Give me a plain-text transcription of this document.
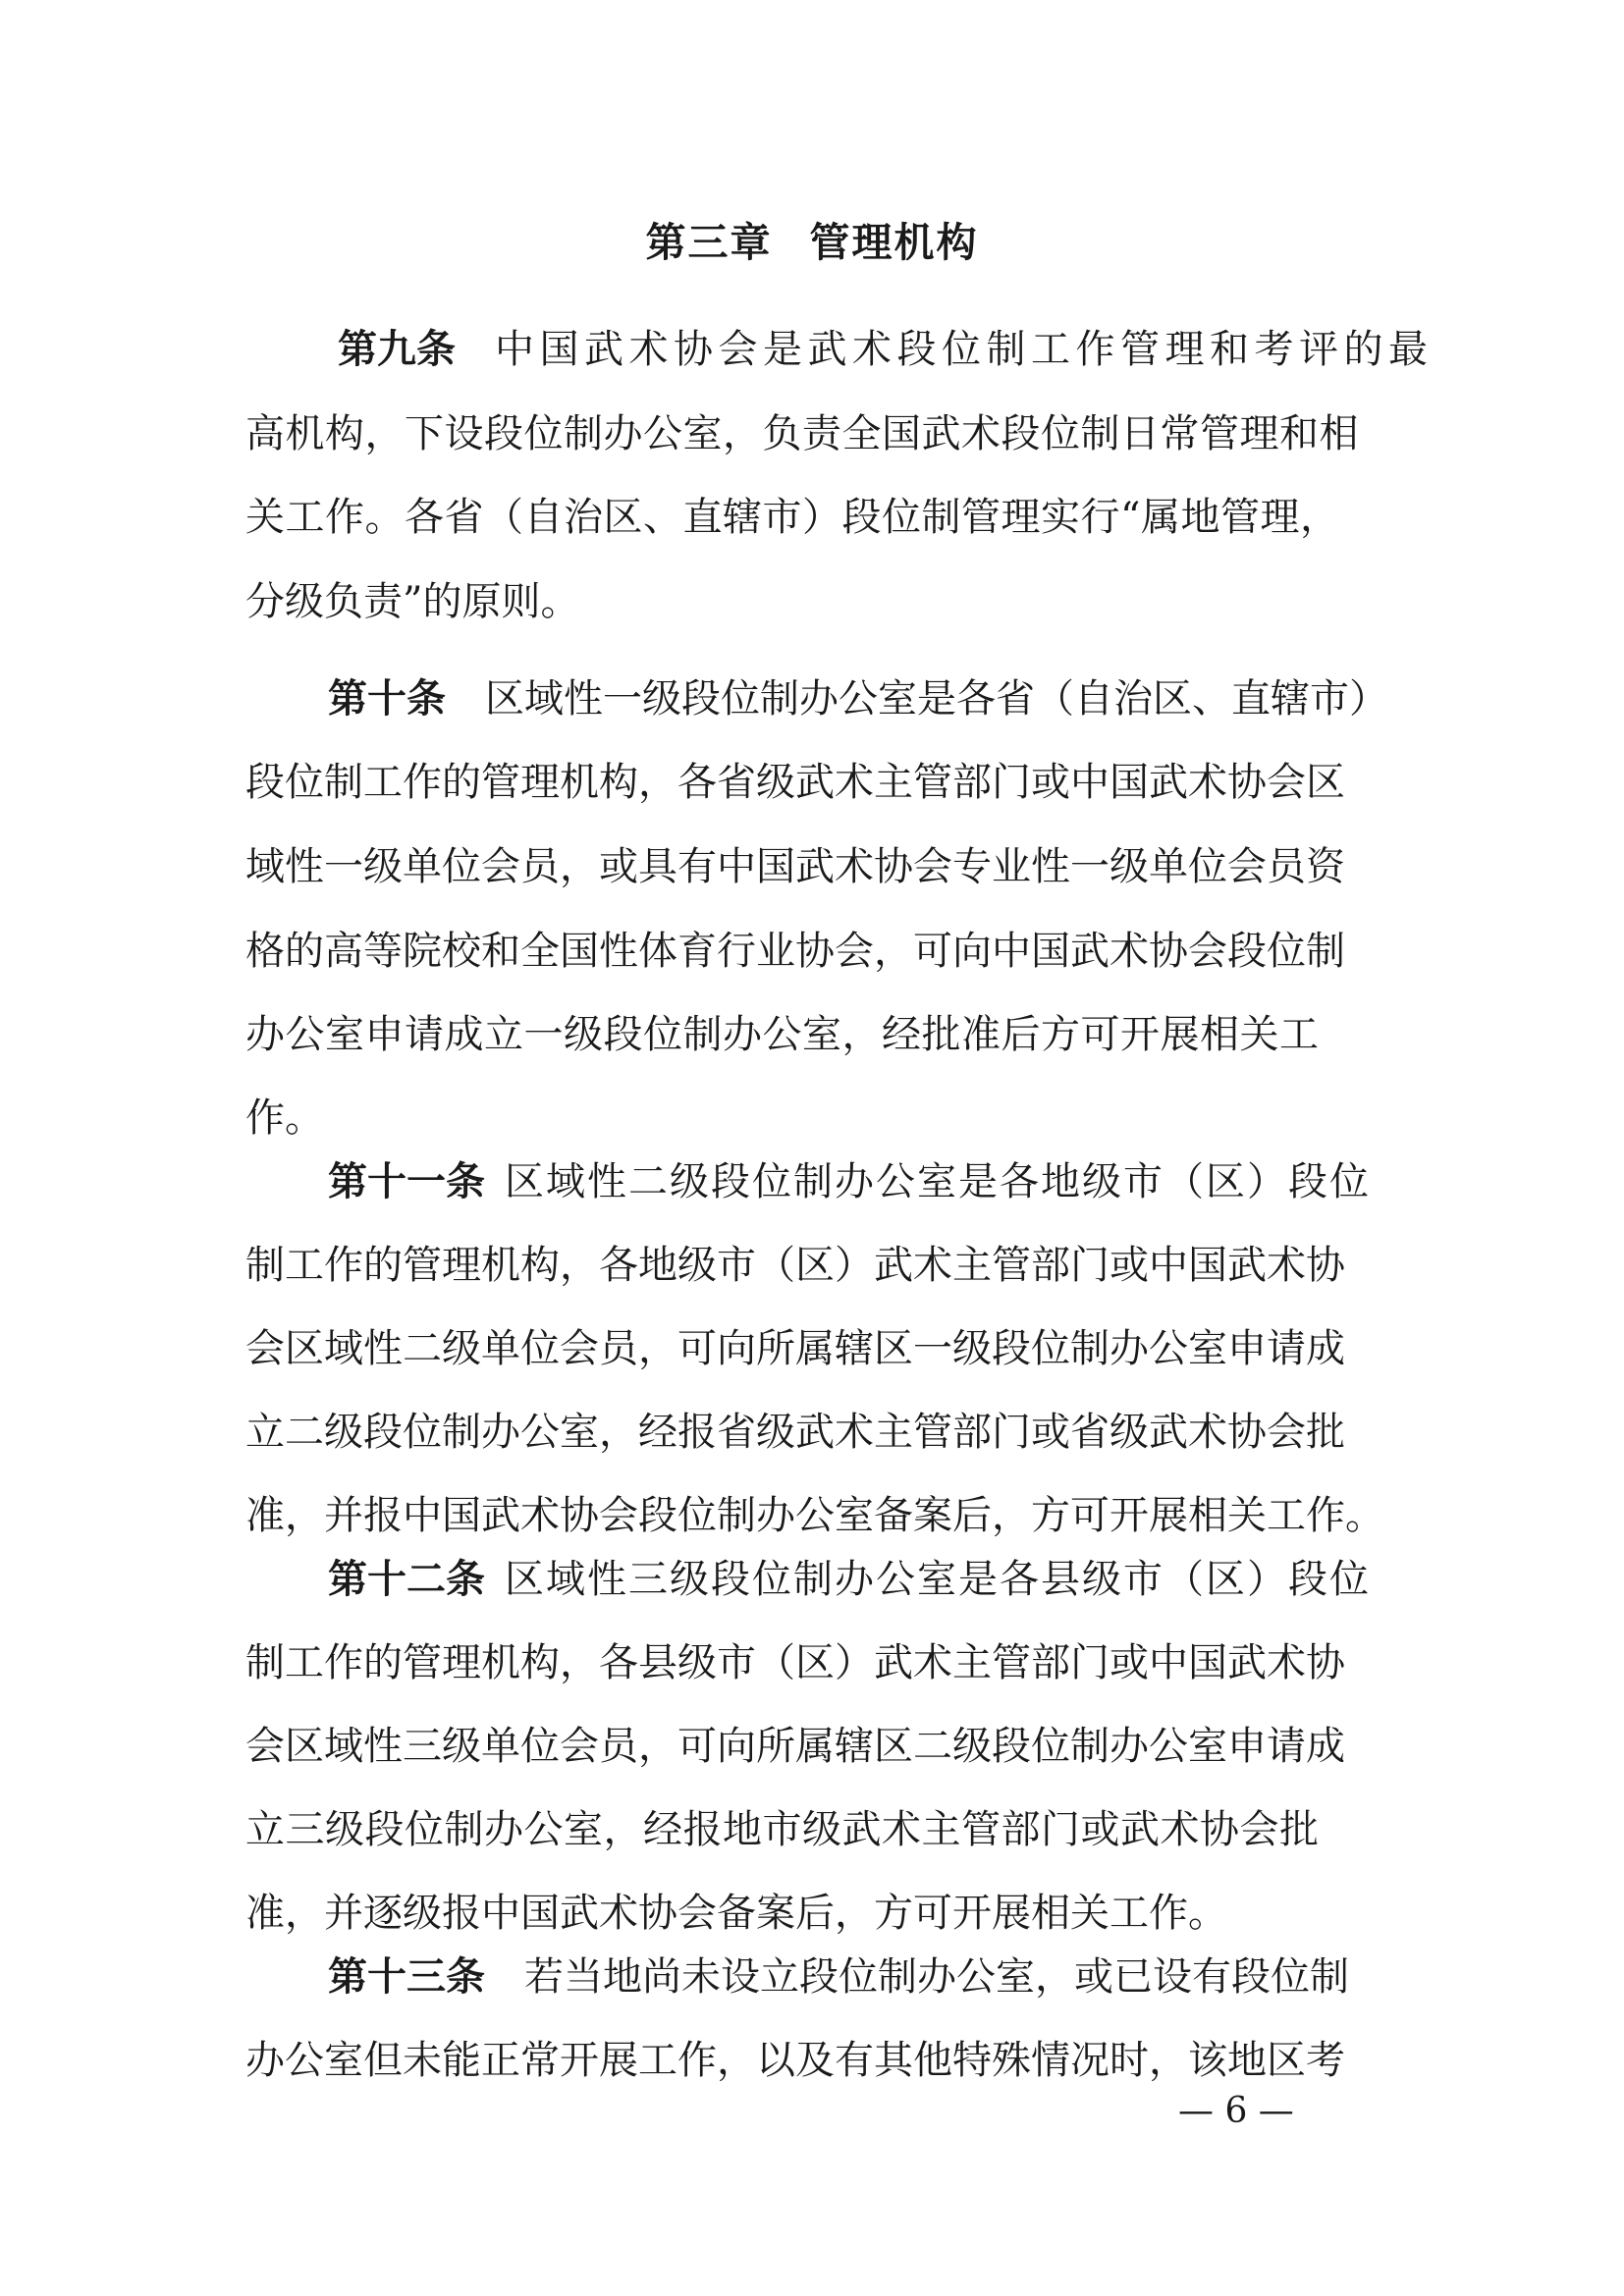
第三章 管理机构
第九条 中国武术协会是武术段位制工作管理和考评的最
高机构，下设段位制办公室，负责全国武术段位制日常管理和相
关工作。各省（自治区、直辖市）段位制管理实行“属地管理，
分级负责”的原则。
第十条 区域性一级段位制办公室是各省（自治区、直辖市）
段位制工作的管理机构，各省级武术主管部门或中国武术协会区
域性一级单位会员，或具有中国武术协会专业性一级单位会员资
格的高等院校和全国性体育行业协会，可向中国武术协会段位制
办公室申请成立一级段位制办公室，经批准后方可开展相关工
作。
第十一条 区域性二级段位制办公室是各地级市（区）段位
制工作的管理机构，各地级市（区）武术主管部门或中国武术协
会区域性二级单位会员，可向所属辖区一级段位制办公室申请成
立二级段位制办公室，经报省级武术主管部门或省级武术协会批
准，并报中国武术协会段位制办公室备案后，方可开展相关工作。
第十二条 区域性三级段位制办公室是各县级市（区）段位
制工作的管理机构，各县级市（区）武术主管部门或中国武术协
会区域性三级单位会员，可向所属辖区二级段位制办公室申请成
立三级段位制办公室，经报地市级武术主管部门或武术协会批
准，并逐级报中国武术协会备案后，方可开展相关工作。
第十三条 若当地尚未设立段位制办公室，或已设有段位制
办公室但未能正常开展工作，以及有其他特殊情况时，该地区考
— 6 —
